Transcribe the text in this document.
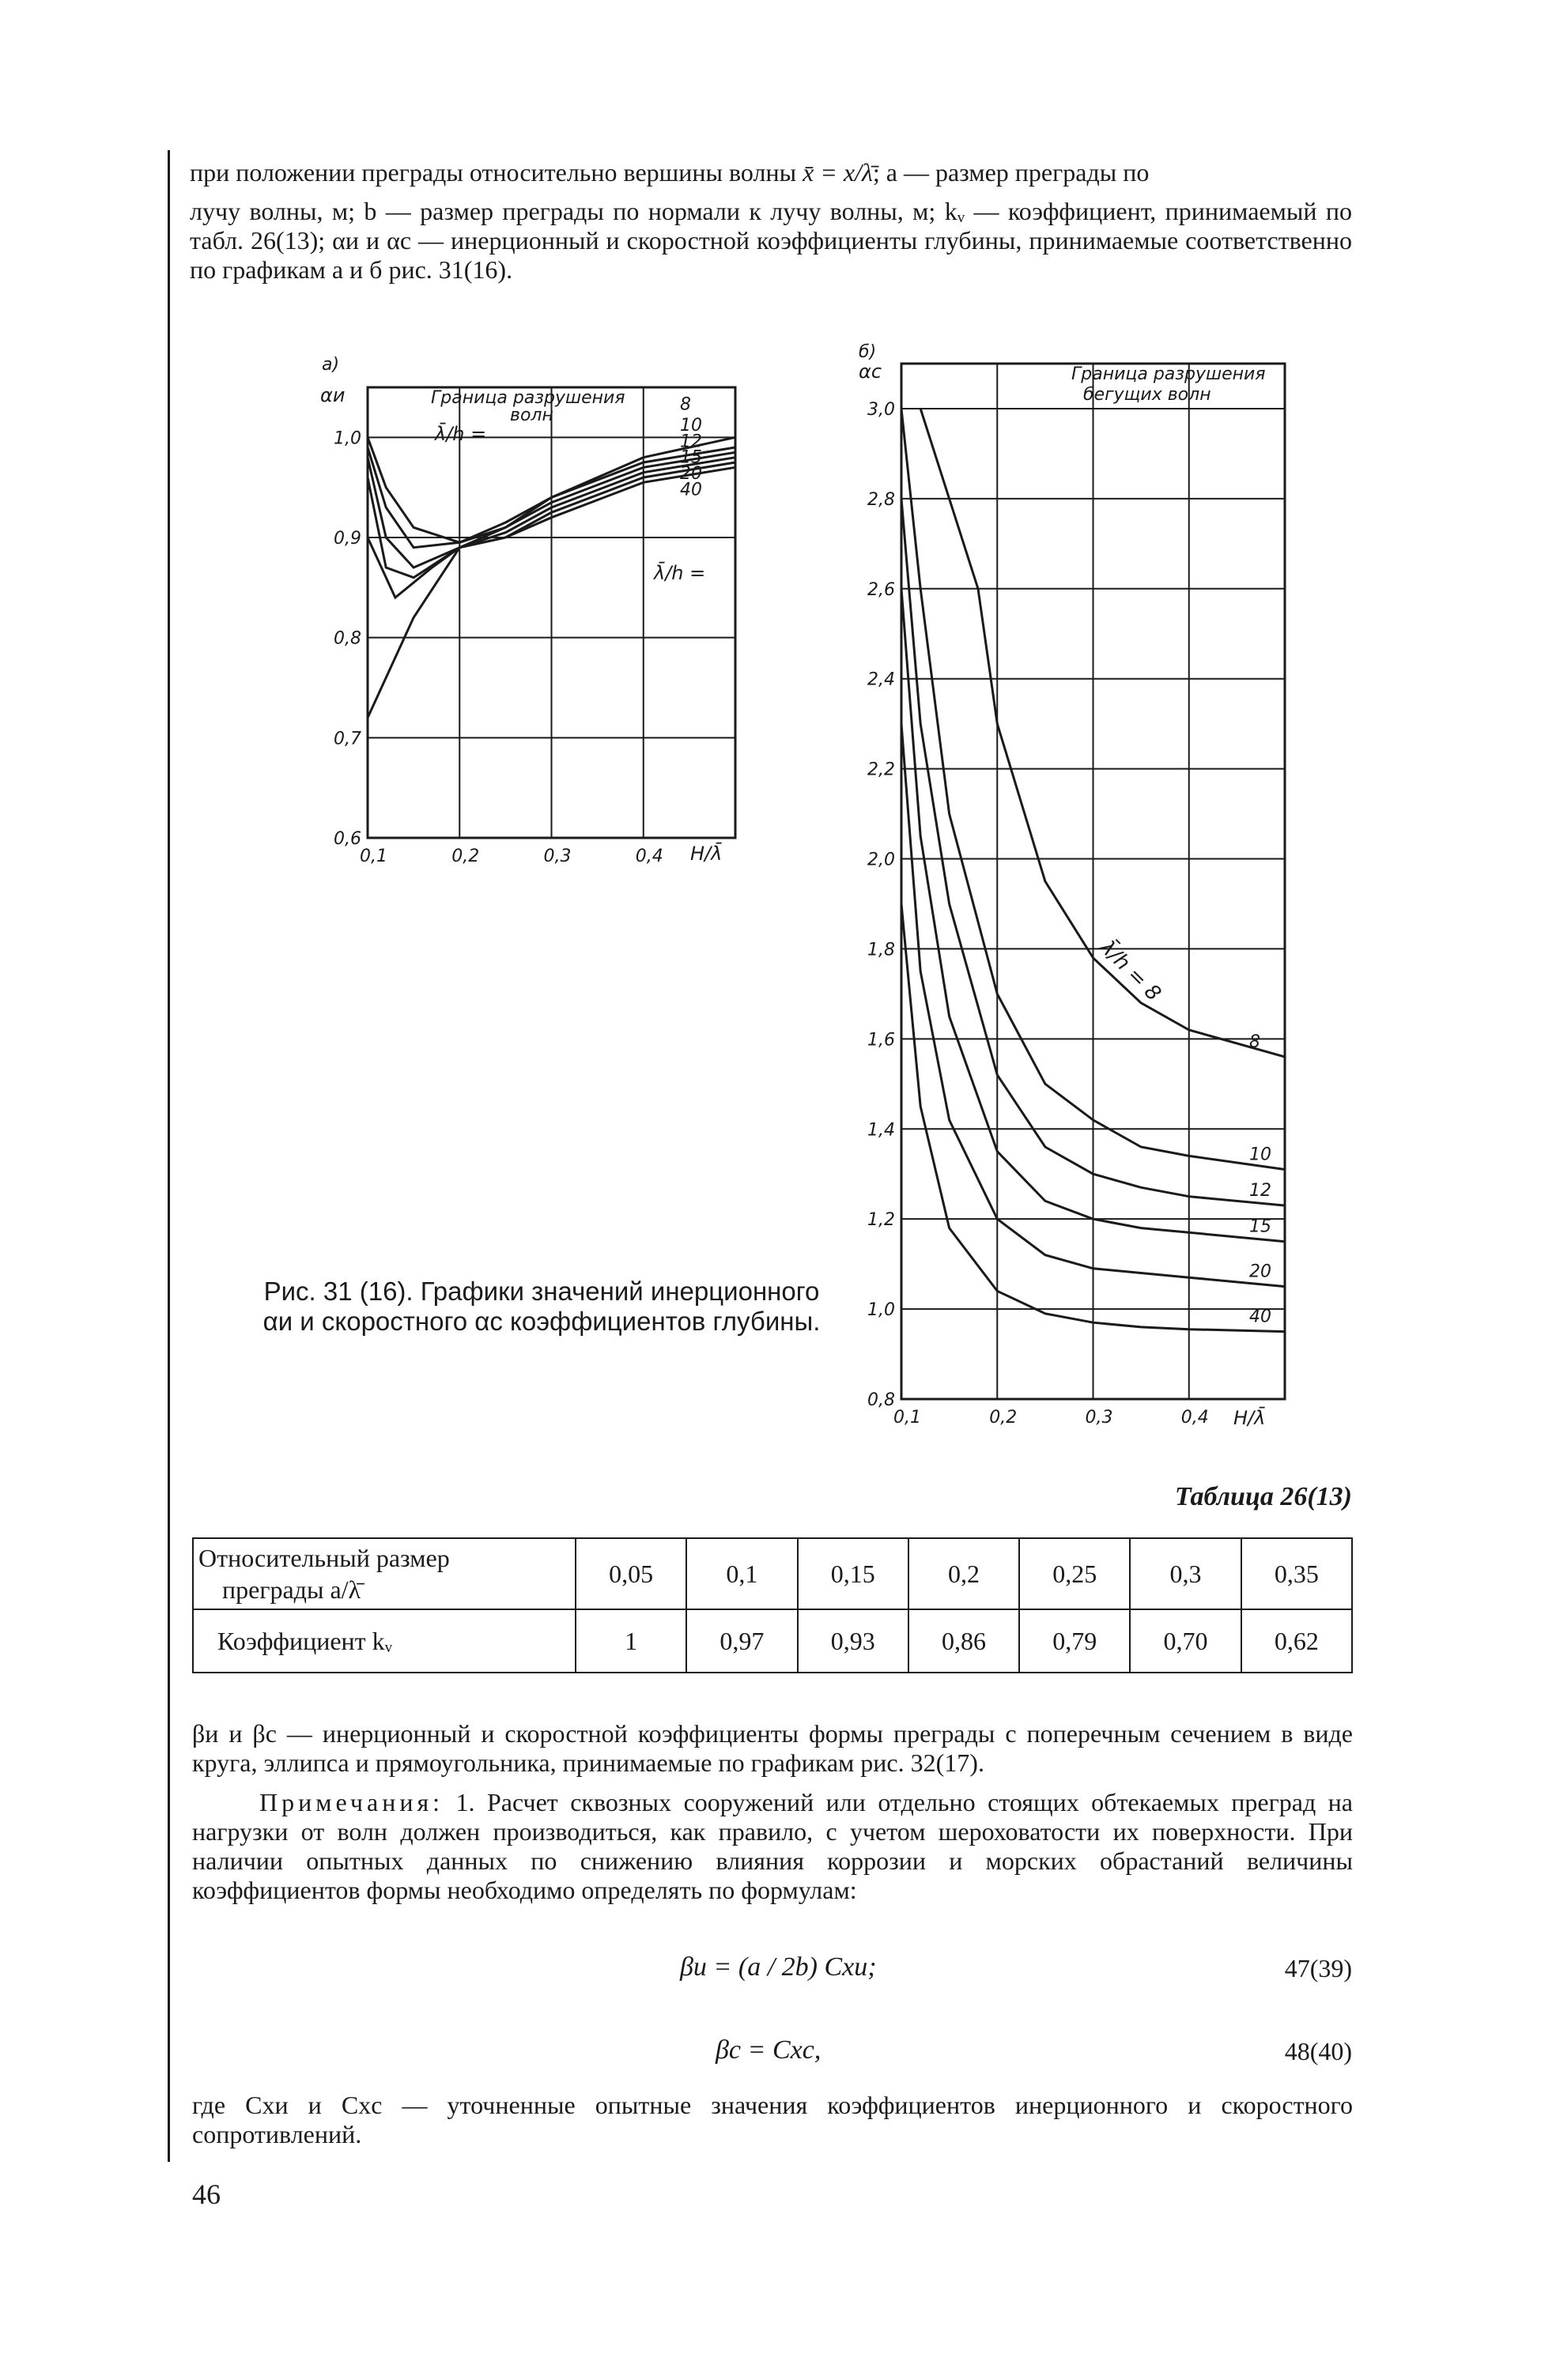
при положении преграды относительно вершины волны x̄ = x/λ̄; a — размер преграды по
лучу волны, м; b — размер преграды по нормали к лучу волны, м; kᵥ — коэффициент, принимаемый по табл. 26(13); αи и αс — инерционный и скоростной коэффициенты глубины, принимаемые соответственно по графикам а и б рис. 31(16).
8
10
12
15
20
40
0,6
0,7
0,8
0,9
1,0
0,1	0,2	0,3	0,4
а)
αи
H/λ̄
Граница разрушения
волн
λ̄/h =
λ̄/h =
8
10
12
15
20
40
0,8
1,0
1,2
1,4
1,6
1,8
2,0
2,2
2,4
2,6
2,8
3,0
0,1	0,2	0,3	0,4
б)
αс
H/λ̄
Граница разрушения
бегущих волн
λ̄/h = 8
Рис. 31 (16). Графики значений инерционного αи и скоростного αс коэффициентов глубины.
Таблица 26(13)
Относительный размер
преграды a/λ̄	0,05	0,1	0,15	0,2	0,25	0,3	0,35
Коэффициент kᵥ	1	0,97	0,93	0,86	0,79	0,70	0,62
βи и βс — инерционный и скоростной коэффициенты формы преграды с поперечным сечением в виде круга, эллипса и прямоугольника, принимаемые по графикам рис. 32(17).
Примечания: 1. Расчет сквозных сооружений или отдельно стоящих обтекаемых преград на нагрузки от волн должен производиться, как правило, с учетом шероховатости их поверхности. При наличии опытных данных по снижению влияния коррозии и морских обрастаний величины коэффициентов формы необходимо определять по формулам:
βи = (a / 2b) Cxи;	47(39)
βс = Cxс,	48(40)
где Cxи и Cxс — уточненные опытные значения коэффициентов инерционного и скоростного сопротивлений.
46
